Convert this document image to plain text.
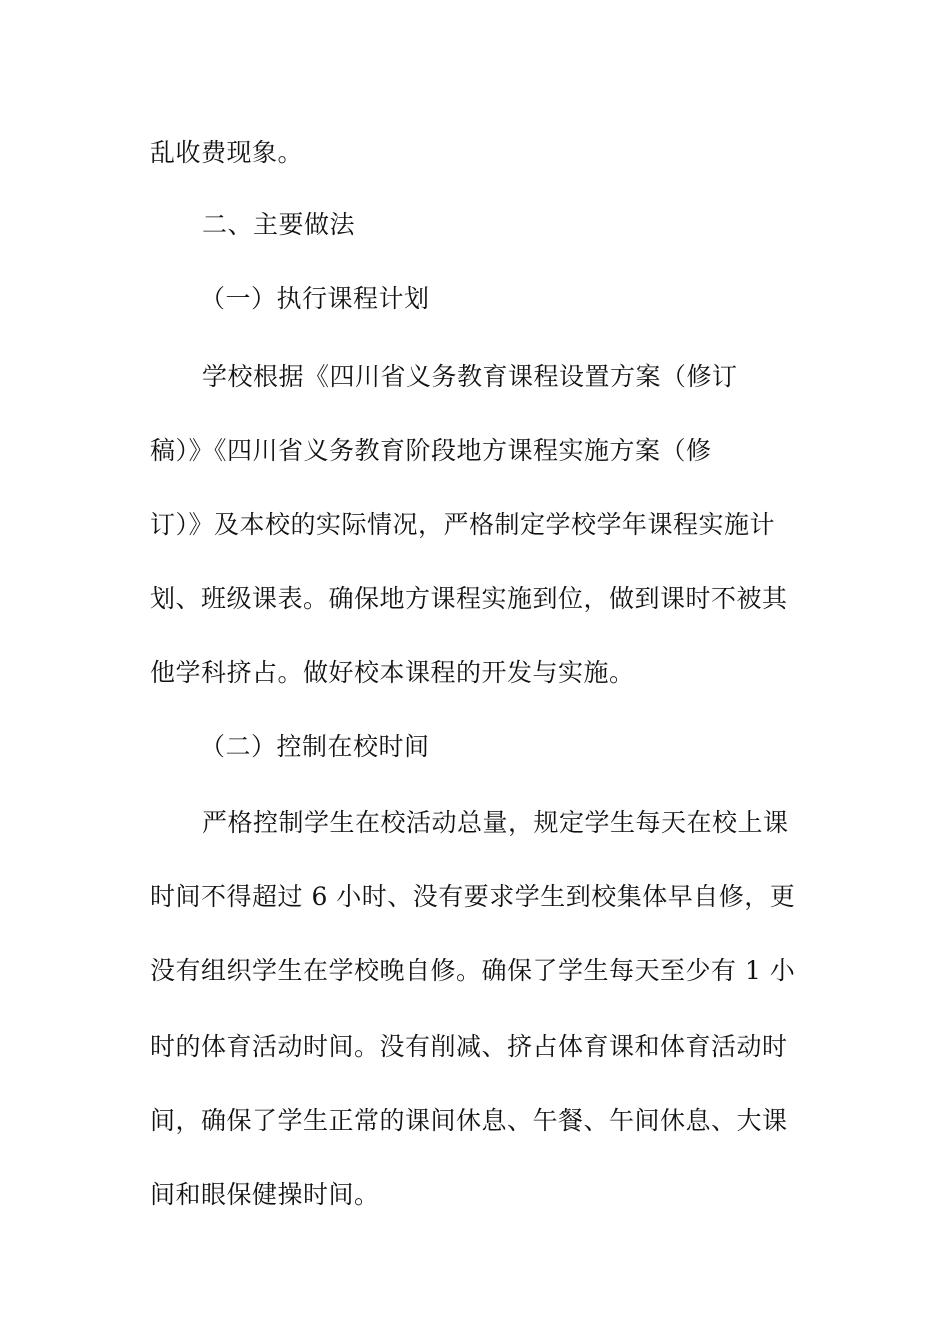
乱收费现象。
二、主要做法
（一）执行课程计划
学校根据《四川省义务教育课程设置方案（修订
稿）》《四川省义务教育阶段地方课程实施方案（修
订）》及本校的实际情况，严格制定学校学年课程实施计
划、班级课表。确保地方课程实施到位，做到课时不被其
他学科挤占。做好校本课程的开发与实施。
（二）控制在校时间
严格控制学生在校活动总量，规定学生每天在校上课
时间不得超过 6 小时、没有要求学生到校集体早自修，更
没有组织学生在学校晚自修。确保了学生每天至少有 1 小
时的体育活动时间。没有削减、挤占体育课和体育活动时
间，确保了学生正常的课间休息、午餐、午间休息、大课
间和眼保健操时间。
